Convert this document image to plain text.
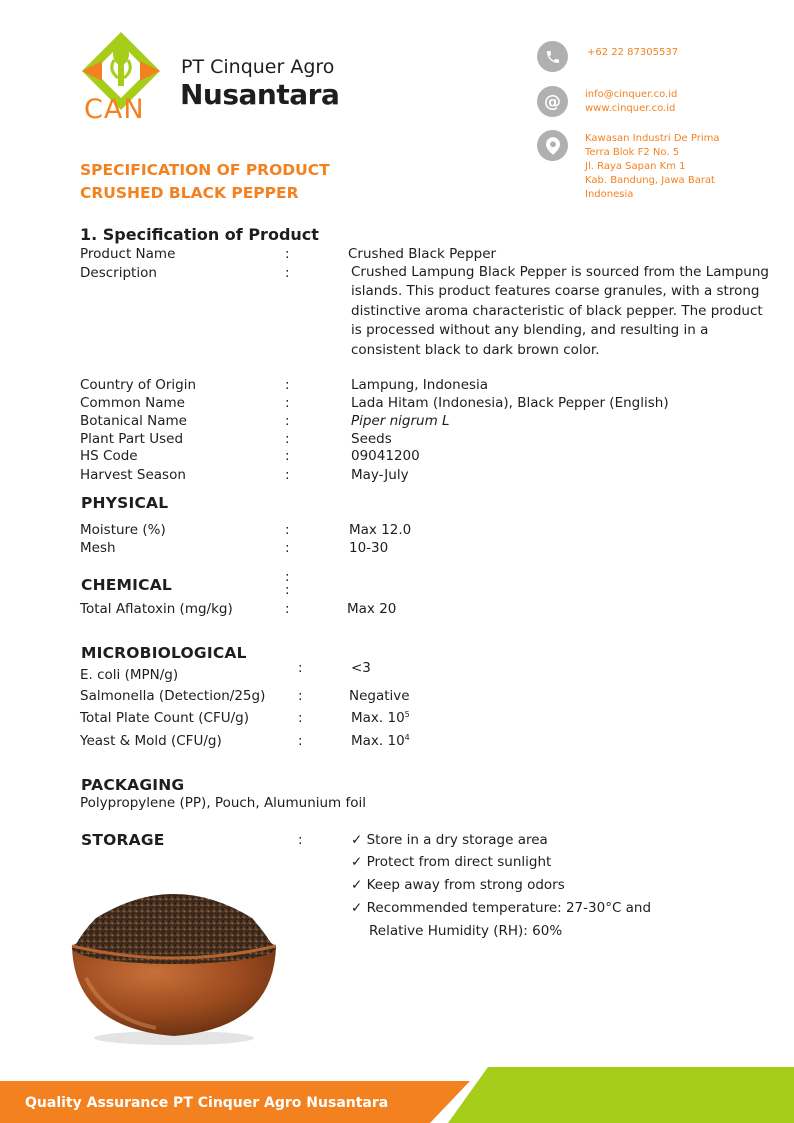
CAN
PT Cinquer Agro
Nusantara
+62 22 87305537
@ info@cinquer.co.id
www.cinquer.co.id
Kawasan Industri De Prima
Terra Blok F2 No. 5
Jl. Raya Sapan Km 1
Kab. Bandung, Jawa Barat
Indonesia
SPECIFICATION OF PRODUCT
CRUSHED BLACK PEPPER
1. Specification of Product
Product Name	:	Crushed Black Pepper
Description	:	Crushed Lampung Black Pepper is sourced from the Lampung islands. This product features coarse granules, with a strong distinctive aroma characteristic of black pepper. The product is processed without any blending, and resulting in a consistent black to dark brown color.
Country of Origin	:	Lampung, Indonesia
Common Name	:	Lada Hitam (Indonesia), Black Pepper (English)
Botanical Name	:	Piper nigrum L
Plant Part Used	:	Seeds
HS Code	:	09041200
Harvest Season	:	May-July
PHYSICAL
Moisture (%)	:	Max 12.0
Mesh	:	10-30
CHEMICAL	:
:
Total Aflatoxin (mg/kg)	:	Max 20
MICROBIOLOGICAL
E. coli (MPN/g)	:	<3
Salmonella (Detection/25g) :	Negative
Total Plate Count (CFU/g)	:	Max. $10^5$
Yeast & Mold (CFU/g)	:	Max. $10^4$
PACKAGING
Polypropylene (PP), Pouch, Alumunium foil
STORAGE	:	✓ Store in a dry storage area
✓ Protect from direct sunlight
✓ Keep away from strong odors
✓ Recommended temperature: 27-30°C and
Relative Humidity (RH): 60%
Quality Assurance PT Cinquer Agro Nusantara
